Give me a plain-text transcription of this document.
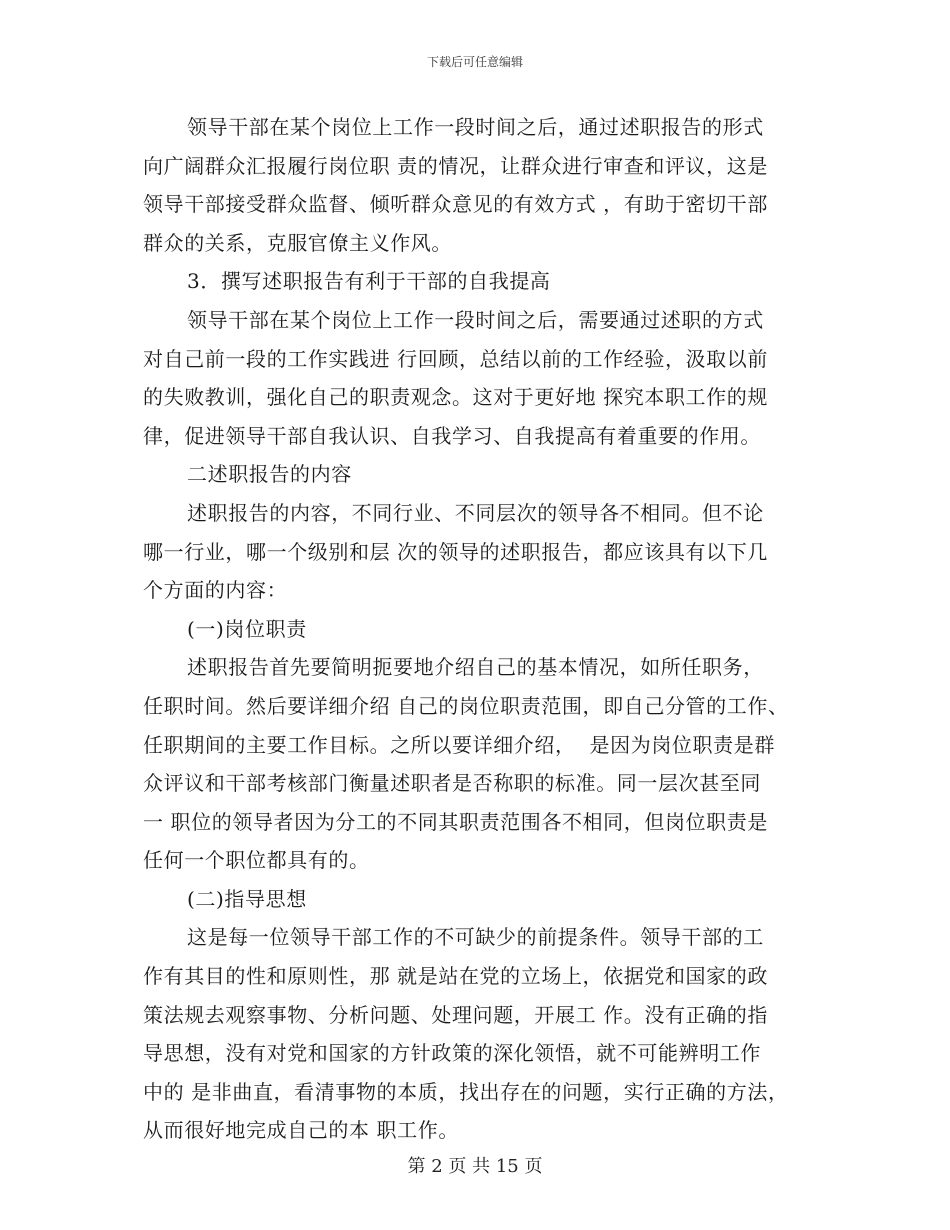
下载后可任意编辑
领导干部在某个岗位上工作一段时间之后，通过述职报告的形式
向广阔群众汇报履行岗位职 责的情况，让群众进行审查和评议，这是
领导干部接受群众监督、倾听群众意见的有效方式 ，有助于密切干部
群众的关系，克服官僚主义作风。
3．撰写述职报告有利于干部的自我提高
领导干部在某个岗位上工作一段时间之后，需要通过述职的方式
对自己前一段的工作实践进 行回顾，总结以前的工作经验，汲取以前
的失败教训，强化自己的职责观念。这对于更好地 探究本职工作的规
律，促进领导干部自我认识、自我学习、自我提高有着重要的作用。
二述职报告的内容
述职报告的内容，不同行业、不同层次的领导各不相同。但不论
哪一行业，哪一个级别和层 次的领导的述职报告，都应该具有以下几
个方面的内容：
(一)岗位职责
述职报告首先要简明扼要地介绍自己的基本情况，如所任职务，
任职时间。然后要详细介绍 自己的岗位职责范围，即自己分管的工作、
任职期间的主要工作目标。之所以要详细介绍，  是因为岗位职责是群
众评议和干部考核部门衡量述职者是否称职的标准。同一层次甚至同
一 职位的领导者因为分工的不同其职责范围各不相同，但岗位职责是
任何一个职位都具有的。
(二)指导思想
这是每一位领导干部工作的不可缺少的前提条件。领导干部的工
作有其目的性和原则性，那 就是站在党的立场上，依据党和国家的政
策法规去观察事物、分析问题、处理问题，开展工 作。没有正确的指
导思想，没有对党和国家的方针政策的深化领悟，就不可能辨明工作
中的 是非曲直，看清事物的本质，找出存在的问题，实行正确的方法，
从而很好地完成自己的本 职工作。
第 2 页 共 15 页
